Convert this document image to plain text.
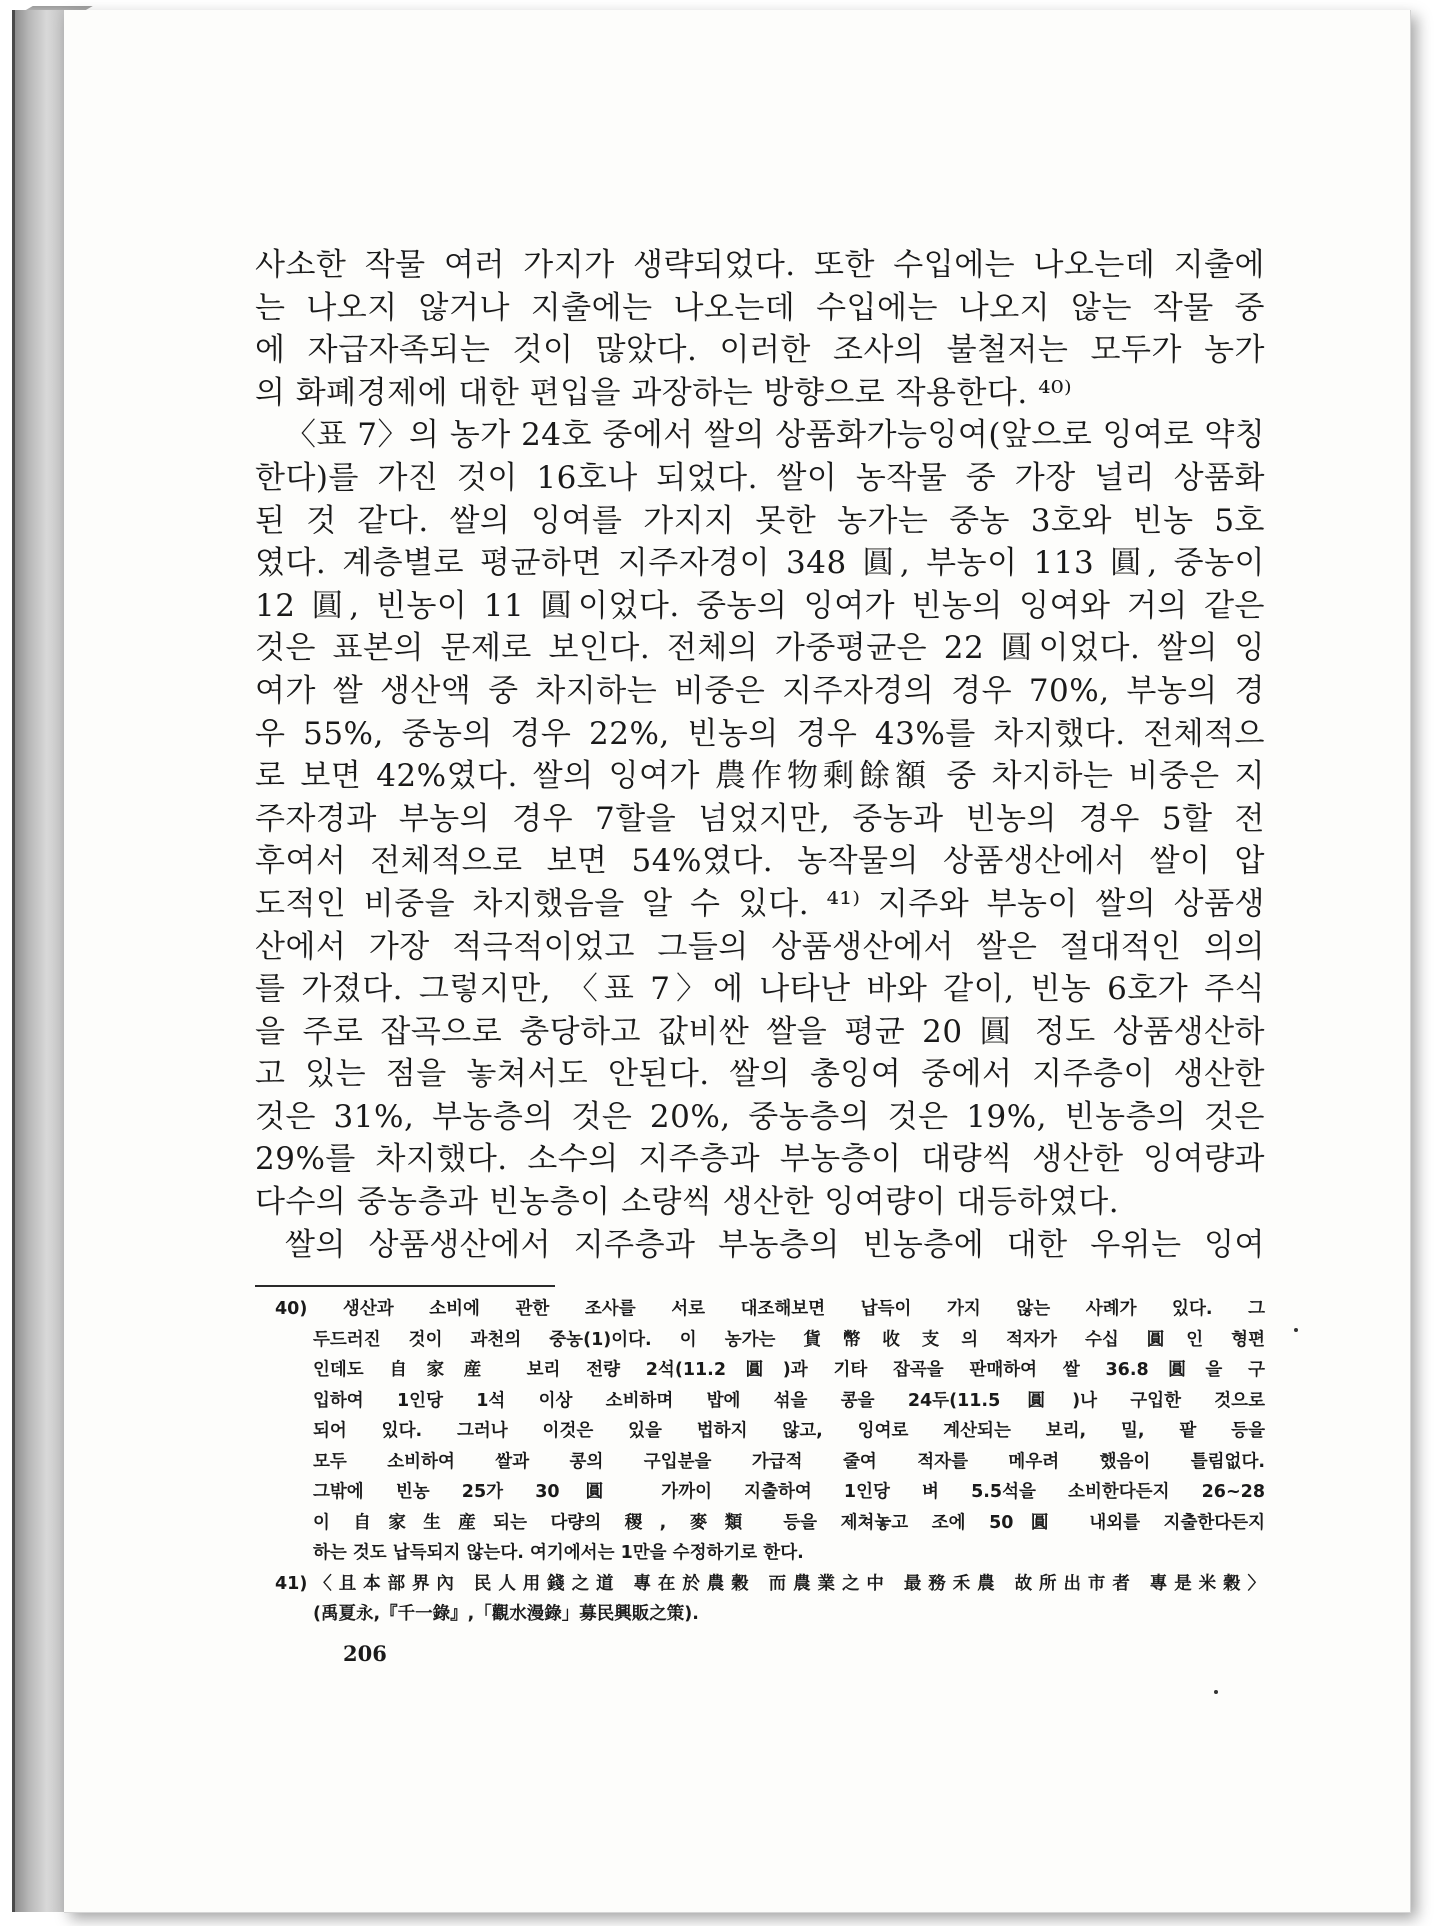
사소한 작물 여러 가지가 생략되었다. 또한 수입에는 나오는데 지출에
는 나오지 않거나 지출에는 나오는데 수입에는 나오지 않는 작물 중
에 자급자족되는 것이 많았다. 이러한 조사의 불철저는 모두가 농가
의 화폐경제에 대한 편입을 과장하는 방향으로 작용한다. ⁴⁰⁾
〈표 7〉의 농가 24호 중에서 쌀의 상품화가능잉여(앞으로 잉여로 약칭
한다)를 가진 것이 16호나 되었다. 쌀이 농작물 중 가장 널리 상품화
된 것 같다. 쌀의 잉여를 가지지 못한 농가는 중농 3호와 빈농 5호
였다. 계층별로 평균하면 지주자경이 348 圓, 부농이 113 圓, 중농이
12 圓, 빈농이 11 圓이었다. 중농의 잉여가 빈농의 잉여와 거의 같은
것은 표본의 문제로 보인다. 전체의 가중평균은 22 圓이었다. 쌀의 잉
여가 쌀 생산액 중 차지하는 비중은 지주자경의 경우 70%, 부농의 경
우 55%, 중농의 경우 22%, 빈농의 경우 43%를 차지했다. 전체적으
로 보면 42%였다. 쌀의 잉여가 農作物剩餘額 중 차지하는 비중은 지
주자경과 부농의 경우 7할을 넘었지만, 중농과 빈농의 경우 5할 전
후여서 전체적으로 보면 54%였다. 농작물의 상품생산에서 쌀이 압
도적인 비중을 차지했음을 알 수 있다. ⁴¹⁾ 지주와 부농이 쌀의 상품생
산에서 가장 적극적이었고 그들의 상품생산에서 쌀은 절대적인 의의
를 가졌다. 그렇지만, 〈표 7〉에 나타난 바와 같이, 빈농 6호가 주식
을 주로 잡곡으로 충당하고 값비싼 쌀을 평균 20 圓 정도 상품생산하
고 있는 점을 놓쳐서도 안된다. 쌀의 총잉여 중에서 지주층이 생산한
것은 31%, 부농층의 것은 20%, 중농층의 것은 19%, 빈농층의 것은
29%를 차지했다. 소수의 지주층과 부농층이 대량씩 생산한 잉여량과
다수의 중농층과 빈농층이 소량씩 생산한 잉여량이 대등하였다.
쌀의 상품생산에서 지주층과 부농층의 빈농층에 대한 우위는 잉여
40) 생산과 소비에 관한 조사를 서로 대조해보면 납득이 가지 않는 사례가 있다. 그
두드러진 것이 과천의 중농(1)이다. 이 농가는 貨幣收支의 적자가 수십 圓인 형편
인데도 自家産 보리 전량 2석(11.2圓)과 기타 잡곡을 판매하여 쌀 36.8圓을 구
입하여 1인당 1석 이상 소비하며 밥에 섞을 콩을 24두(11.5圓)나 구입한 것으로
되어 있다. 그러나 이것은 있을 법하지 않고, 잉여로 계산되는 보리, 밀, 팥 등을
모두 소비하여 쌀과 콩의 구입분을 가급적 줄여 적자를 메우려 했음이 틀림없다.
그밖에 빈농 25가 30圓 가까이 지출하여 1인당 벼 5.5석을 소비한다든지 26~28
이 自家生産되는 다량의 稷, 麥類 등을 제쳐놓고 조에 50圓 내외를 지출한다든지
하는 것도 납득되지 않는다. 여기에서는 1만을 수정하기로 한다.
41)〈且本部界內 民人用錢之道 專在於農穀 而農業之中 最務禾農 故所出市者 專是米穀〉
(禹夏永,『千一錄』,「觀水漫錄」募民興販之策).
206
